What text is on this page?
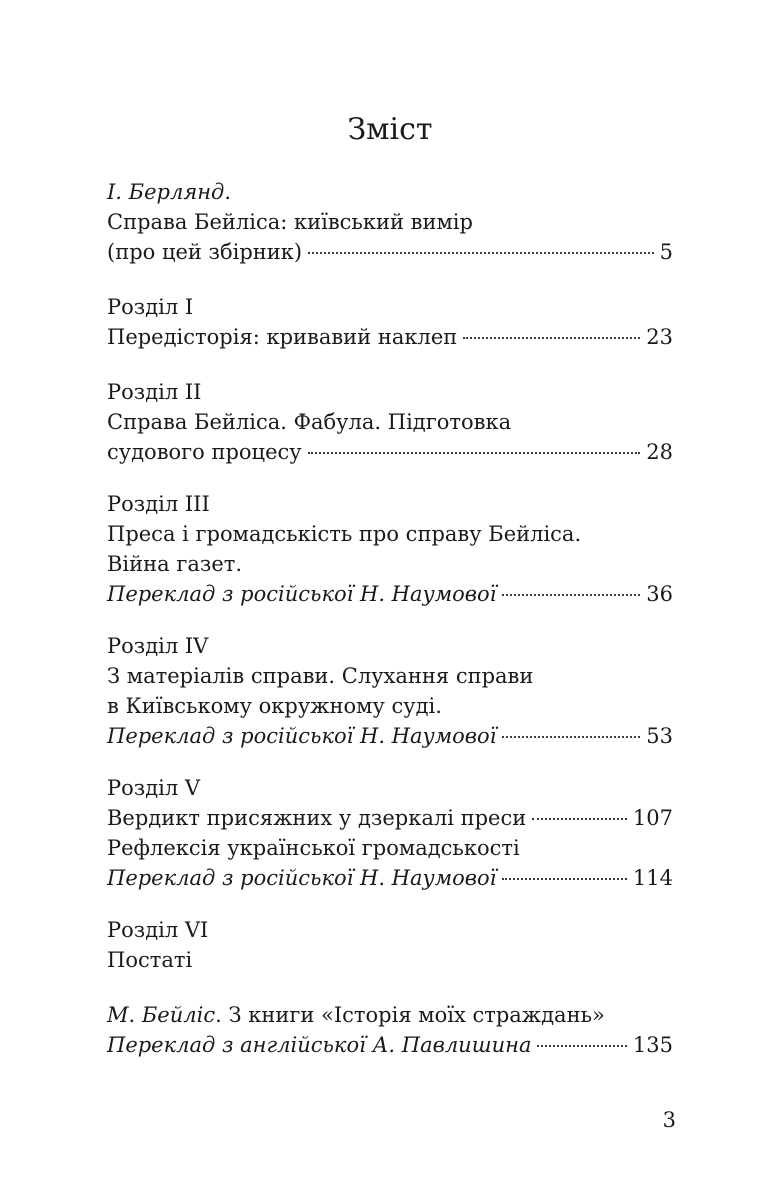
Зміст
І. Берлянд.
Справа Бейліса: київський вимір
(про цей збірник)	5
Розділ I
Передісторія: кривавий наклеп	23
Розділ II
Справа Бейліса. Фабула. Підготовка
судового процесу	28
Розділ III
Преса і громадськість про справу Бейліса.
Війна газет.
Переклад з російської Н. Наумової	36
Розділ IV
З матеріалів справи. Слухання справи
в Київському окружному суді.
Переклад з російської Н. Наумової	53
Розділ V
Вердикт присяжних у дзеркалі преси	107
Рефлексія української громадськості
Переклад з російської Н. Наумової	114
Розділ VI
Постаті
М. Бейліс. З книги «Історія моїх страждань»
Переклад з англійської А. Павлишина	135
3
